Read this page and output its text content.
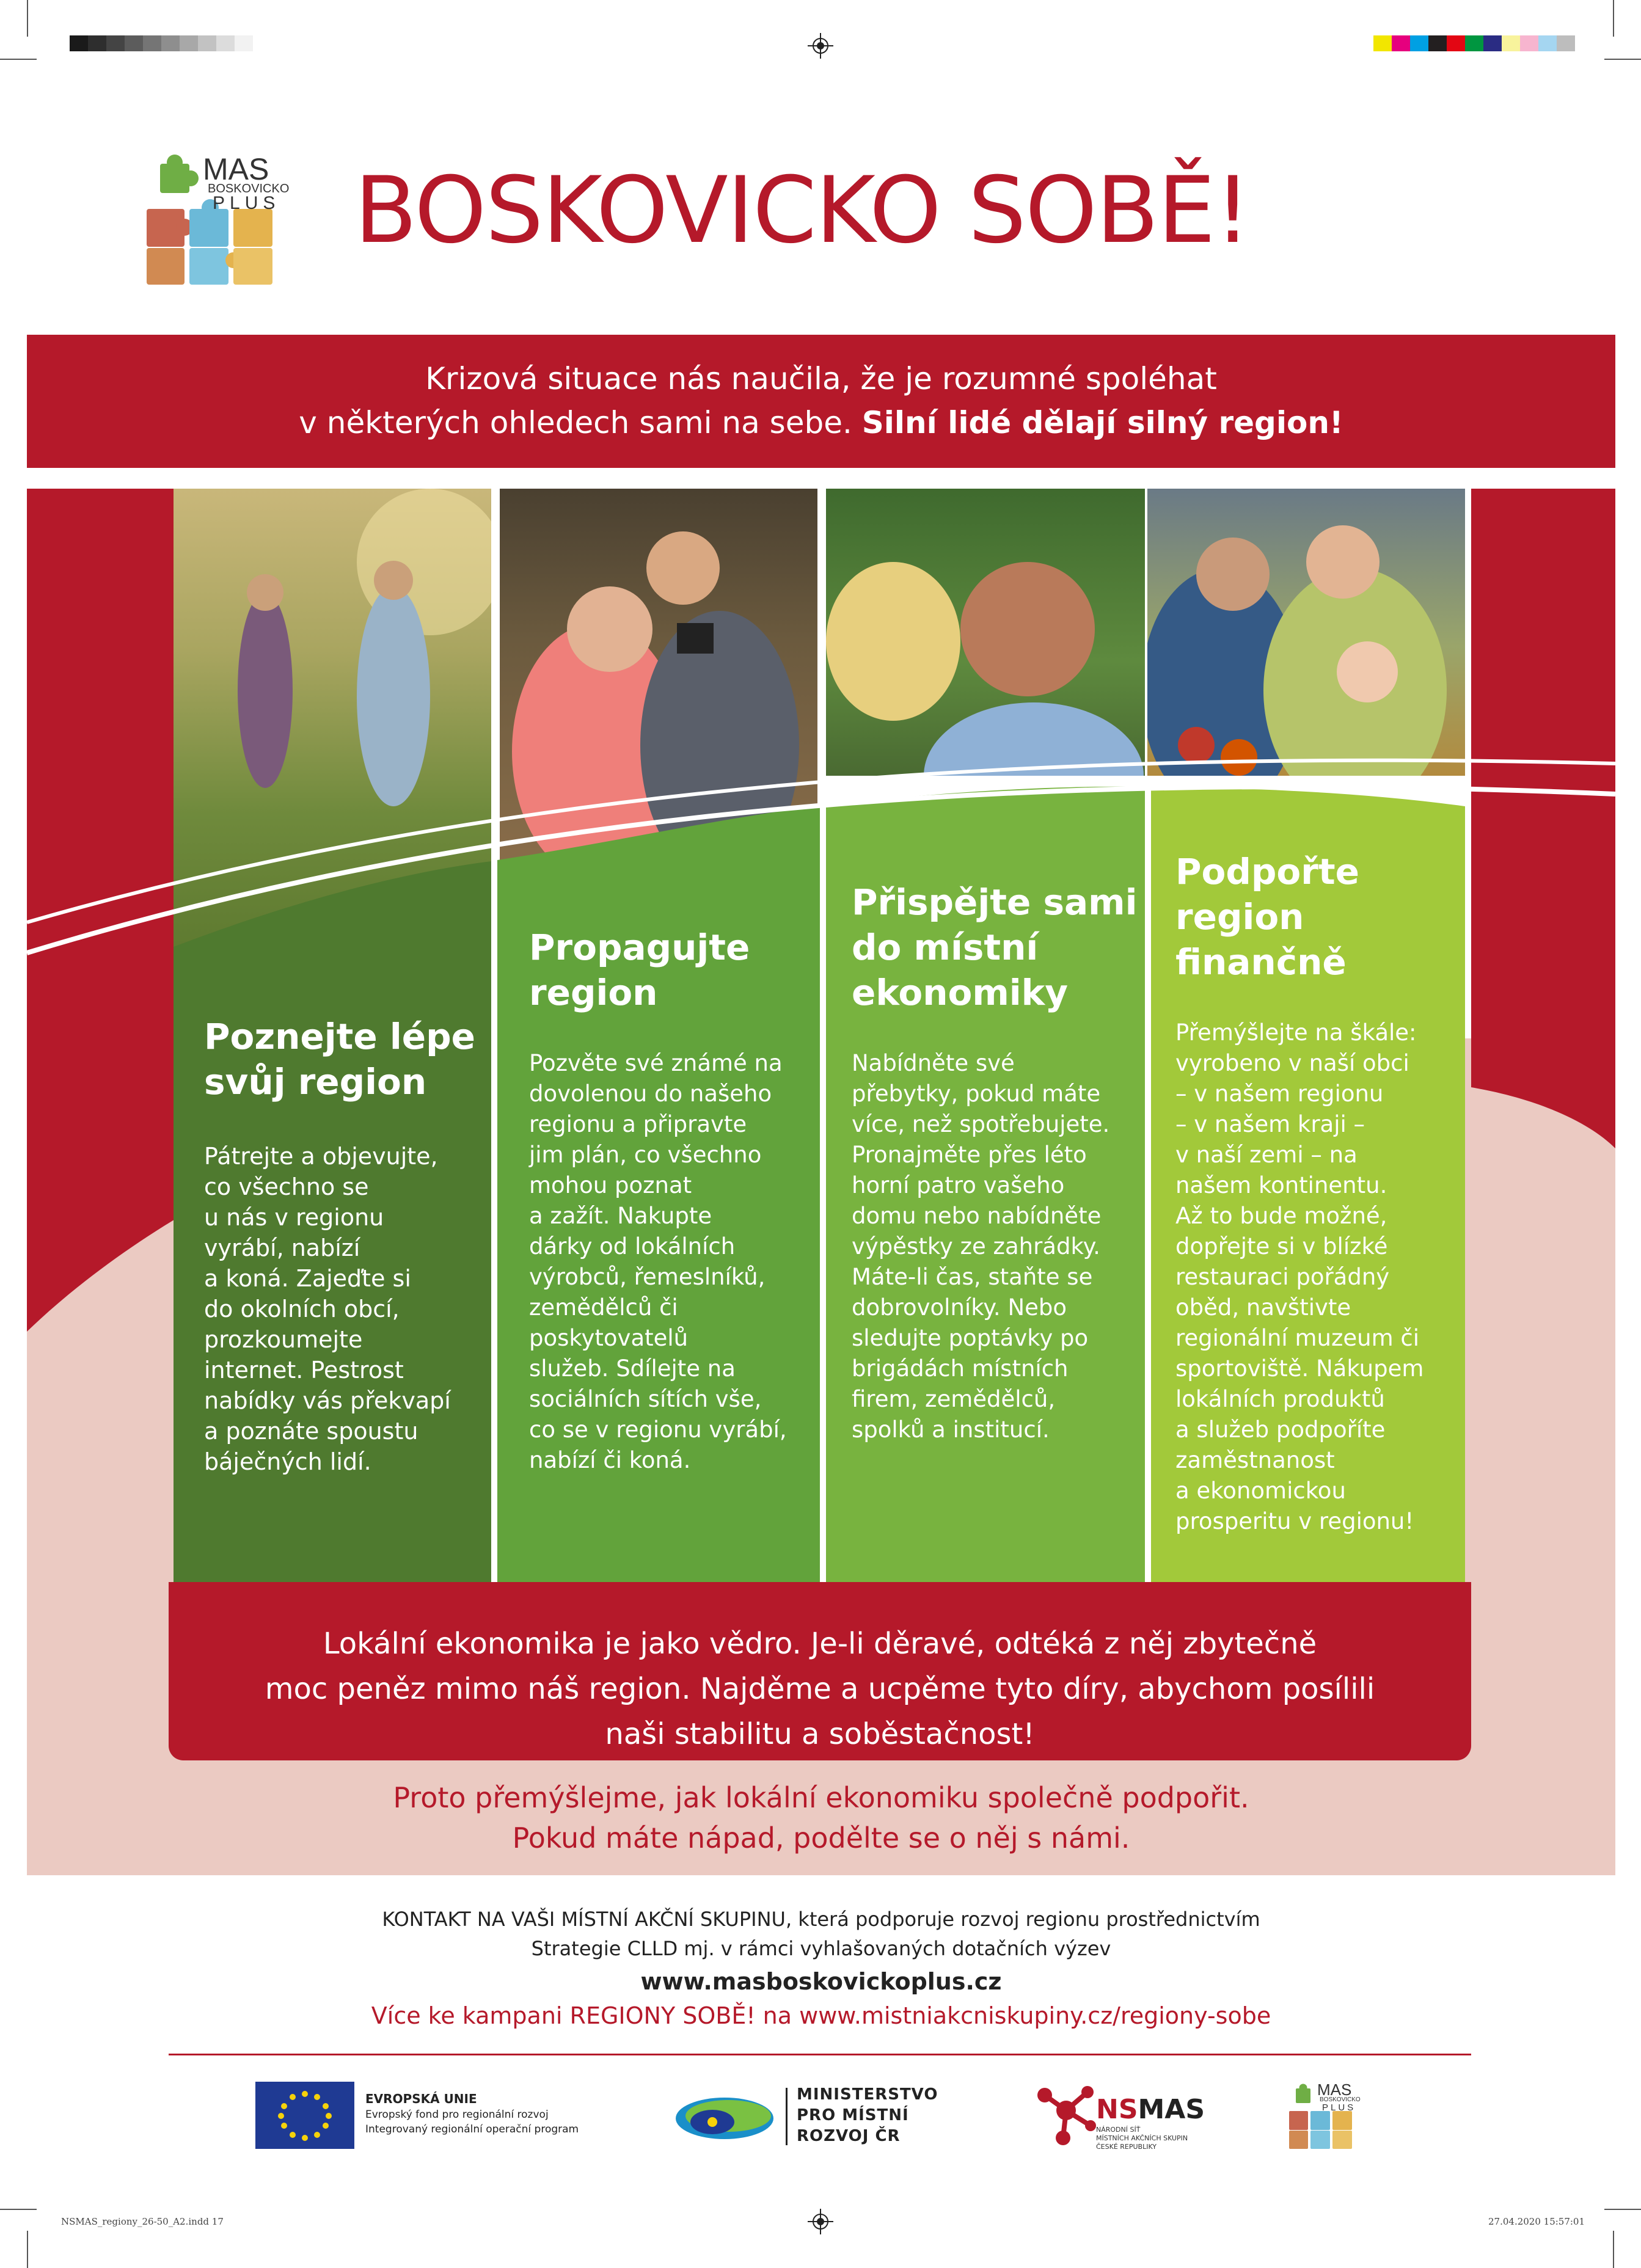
NSMAS_regiony_26-50_A2.indd 17	27.04.2020 15:57:01
MAS
BOSKOVICKO
PLUS BOSKOVICKO SOBĚ!
Krizová situace nás naučila, že je rozumné spoléhat
v některých ohledech sami na sebe. Silní lidé dělají silný region!
Poznejte lépe
svůj region

Pátrejte a objevujte,
co všechno se
u nás v regionu
vyrábí, nabízí
a koná. Zajeďte si
do okolních obcí,
prozkoumejte
internet. Pestrost
nabídky vás překvapí
a poznáte spoustu
báječných lidí.

Propagujte
region

Pozvěte své známé na
dovolenou do našeho
regionu a připravte
jim plán, co všechno
mohou poznat
a zažít. Nakupte
dárky od lokálních
výrobců, řemeslníků,
zemědělců či
poskytovatelů
služeb. Sdílejte na
sociálních sítích vše,
co se v regionu vyrábí,
nabízí či koná.

Přispějte sami
do místní
ekonomiky

Nabídněte své
přebytky, pokud máte
více, než spotřebujete.
Pronajměte přes léto
horní patro vašeho
domu nebo nabídněte
výpěstky ze zahrádky.
Máte-li čas, staňte se
dobrovolníky. Nebo
sledujte poptávky po
brigádách místních
firem, zemědělců,
spolků a institucí.

Podpořte
region
finančně

Přemýšlejte na škále:
vyrobeno v naší obci
– v našem regionu
– v našem kraji –
v naší zemi – na
našem kontinentu.
Až to bude možné,
dopřejte si v blízké
restauraci pořádný
oběd, navštivte
regionální muzeum či
sportoviště. Nákupem
lokálních produktů
a služeb podpoříte
zaměstnanost
a ekonomickou
prosperitu v regionu!

Lokální ekonomika je jako vědro. Je-li děravé, odtéká z něj zbytečně
moc peněz mimo náš region. Najděme a ucpěme tyto díry, abychom posílili
naši stabilitu a soběstačnost!
Proto přemýšlejme, jak lokální ekonomiku společně podpořit.
Pokud máte nápad, podělte se o něj s námi.
KONTAKT NA VAŠI MÍSTNÍ AKČNÍ SKUPINU, která podporuje rozvoj regionu prostřednictvím
Strategie CLLD mj. v rámci vyhlašovaných dotačních výzev
www.masboskovickoplus.cz
Více ke kampani REGIONY SOBĚ! na www.mistniakcniskupiny.cz/regiony-sobe
EVROPSKÁ UNIE
Evropský fond pro regionální rozvoj
Integrovaný regionální operační program
MINISTERSTVO
PRO MÍSTNÍ
ROZVOJ ČR
NSMAS
NÁRODNÍ SÍŤ
MÍSTNÍCH AKČNÍCH SKUPIN
ČESKÉ REPUBLIKY
MAS
BOSKOVICKO
PLUS
